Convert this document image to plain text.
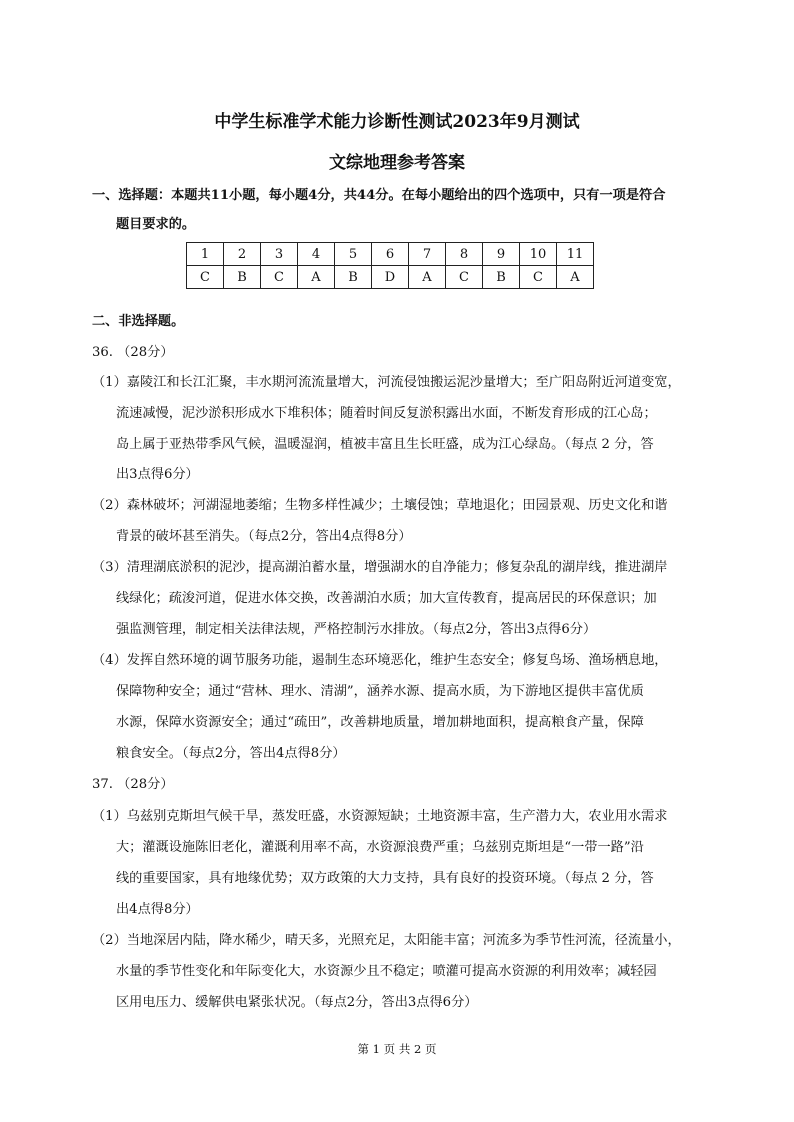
中学生标准学术能力诊断性测试2023年9月测试
文综地理参考答案
一、选择题：本题共11小题，每小题4分，共44分。在每小题给出的四个选项中，只有一项是符合
题目要求的。
1	2	3	4	5	6	7	8	9	10	11
C	B	C	A	B	D	A	C	B	C	A
二、非选择题。
36. （28分）
（1）嘉陵江和长江汇聚，丰水期河流流量增大，河流侵蚀搬运泥沙量增大；至广阳岛附近河道变宽，
流速减慢，泥沙淤积形成水下堆积体；随着时间反复淤积露出水面，不断发育形成的江心岛；
岛上属于亚热带季风气候，温暖湿润，植被丰富且生长旺盛，成为江心绿岛。（每点 2 分，答
出3点得6分）
（2）森林破坏；河湖湿地萎缩；生物多样性减少；土壤侵蚀；草地退化；田园景观、历史文化和谐
背景的破坏甚至消失。（每点2分，答出4点得8分）
（3）清理湖底淤积的泥沙，提高湖泊蓄水量，增强湖水的自净能力；修复杂乱的湖岸线，推进湖岸
线绿化；疏浚河道，促进水体交换，改善湖泊水质；加大宣传教育，提高居民的环保意识；加
强监测管理，制定相关法律法规，严格控制污水排放。（每点2分，答出3点得6分）
（4）发挥自然环境的调节服务功能，遏制生态环境恶化，维护生态安全；修复鸟场、渔场栖息地，
保障物种安全；通过“营林、理水、清湖”，涵养水源、提高水质，为下游地区提供丰富优质
水源，保障水资源安全；通过“疏田”，改善耕地质量，增加耕地面积，提高粮食产量，保障
粮食安全。（每点2分，答出4点得8分）
37. （28分）
（1）乌兹别克斯坦气候干旱，蒸发旺盛，水资源短缺；土地资源丰富，生产潜力大，农业用水需求
大；灌溉设施陈旧老化，灌溉利用率不高，水资源浪费严重；乌兹别克斯坦是“一带一路”沿
线的重要国家，具有地缘优势；双方政策的大力支持，具有良好的投资环境。（每点 2 分，答
出4点得8分）
（2）当地深居内陆，降水稀少，晴天多，光照充足，太阳能丰富；河流多为季节性河流，径流量小，
水量的季节性变化和年际变化大，水资源少且不稳定；喷灌可提高水资源的利用效率；减轻园
区用电压力、缓解供电紧张状况。（每点2分，答出3点得6分）
第 1 页 共 2 页
